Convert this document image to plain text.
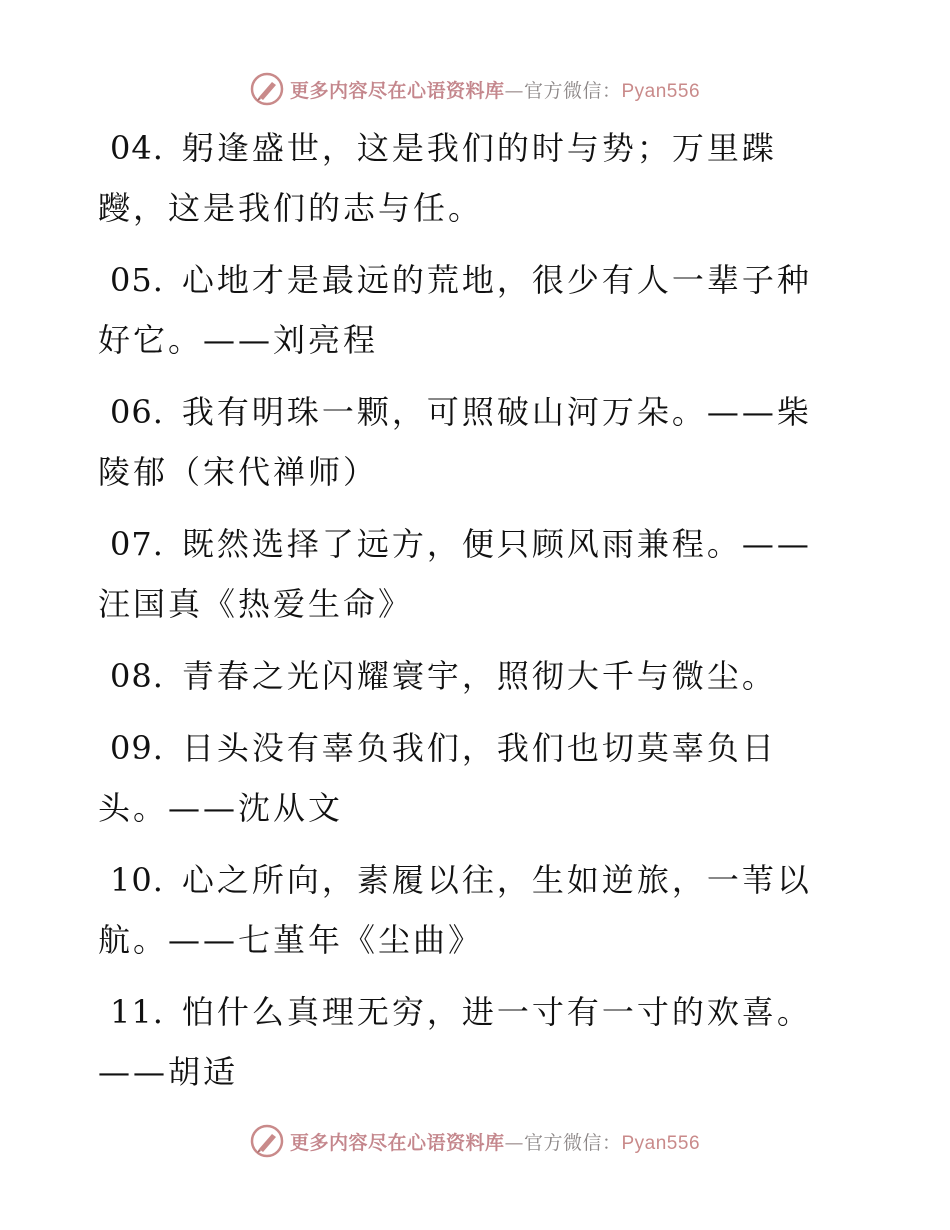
更多内容尽在心语资料库—官方微信：Pyan556

04. 躬逢盛世，这是我们的时与势；万里蹀躞，这是我们的志与任。

05. 心地才是最远的荒地，很少有人一辈子种好它。——刘亮程

06. 我有明珠一颗，可照破山河万朵。——柴陵郁（宋代禅师）

07. 既然选择了远方，便只顾风雨兼程。——汪国真《热爱生命》

08. 青春之光闪耀寰宇，照彻大千与微尘。

09. 日头没有辜负我们，我们也切莫辜负日头。——沈从文

10. 心之所向，素履以往，生如逆旅，一苇以航。——七堇年《尘曲》

11. 怕什么真理无穷，进一寸有一寸的欢喜。——胡适

更多内容尽在心语资料库—官方微信：Pyan556
